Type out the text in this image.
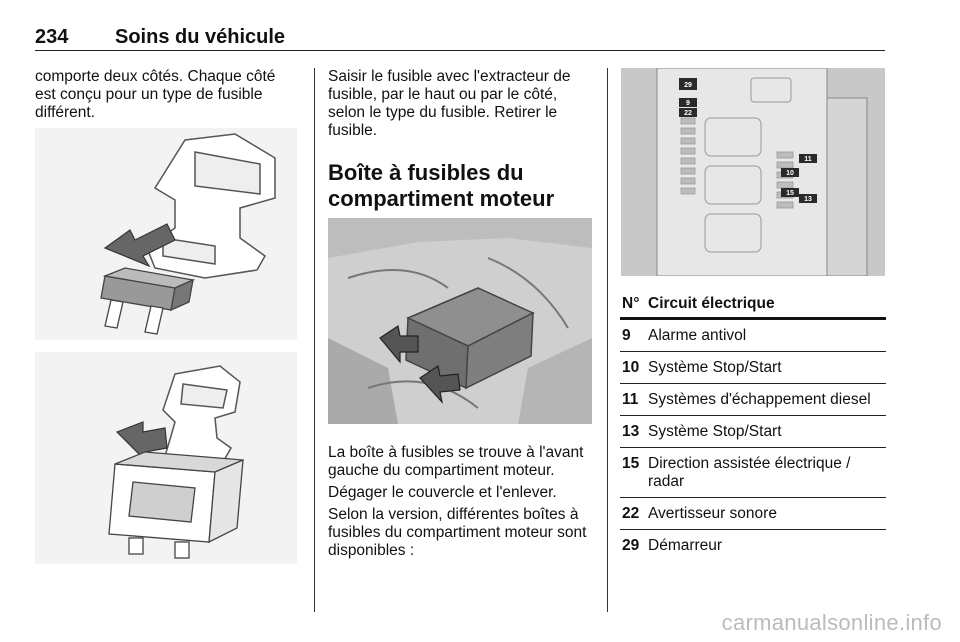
234 Soins du véhicule

comporte deux côtés. Chaque côté est conçu pour un type de fusible différent.

Saisir le fusible avec l'extracteur de fusible, par le haut ou par le côté, selon le type du fusible. Retirer le fusible.

Boîte à fusibles du compartiment moteur

La boîte à fusibles se trouve à l'avant gauche du compartiment moteur.

Dégager le couvercle et l'enlever.

Selon la version, différentes boîtes à fusibles du compartiment moteur sont disponibles :

29
9
22
11
10
15
13
N° Circuit électrique
9 Alarme antivol
10 Système Stop/Start
11 Systèmes d'échappement diesel
13 Système Stop/Start
15 Direction assistée électrique / radar
22 Avertisseur sonore
29 Démarreur
carmanualsonline.info
